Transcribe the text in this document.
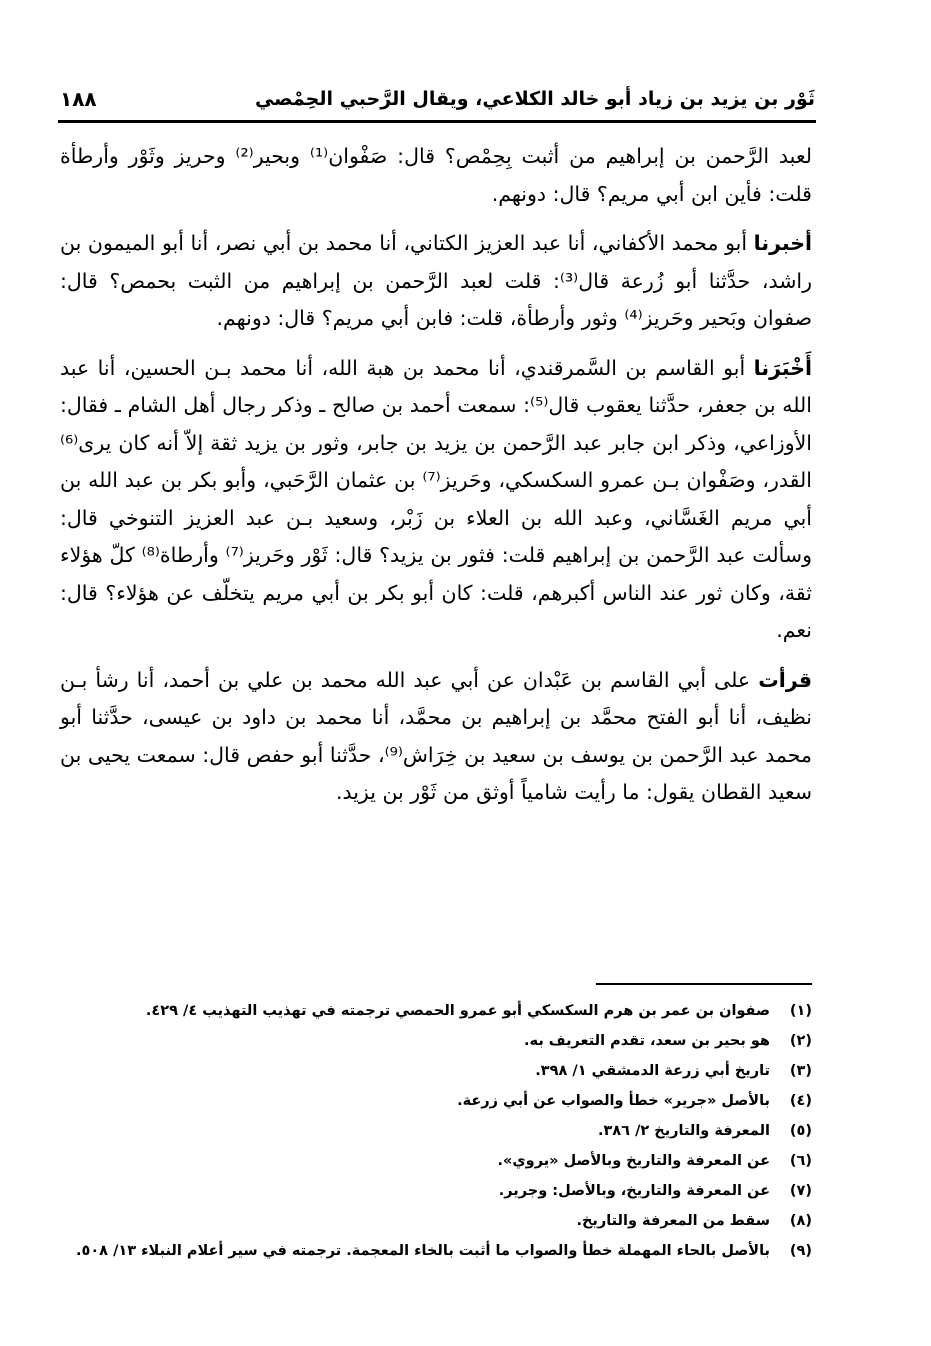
ثَوْر بن يزيد بن زياد أبو خالد الكلاعي، ويقال الرَّحبي الحِمْصي
١٨٨

لعبد الرَّحمن بن إبراهيم من أثبت بِحِمْص؟ قال: صَفْوان⁽¹⁾ وبحير⁽²⁾ وحريز وثَوْر وأرطأة قلت: فأين ابن أبي مريم؟ قال: دونهم.

أخبرنا أبو محمد الأكفاني، أنا عبد العزيز الكتاني، أنا محمد بن أبي نصر، أنا أبو الميمون بن راشد، حدَّثنا أبو زُرعة قال⁽³⁾: قلت لعبد الرَّحمن بن إبراهيم من الثبت بحمص؟ قال: صفوان وبَحير وحَريز⁽⁴⁾ وثور وأرطأة، قلت: فابن أبي مريم؟ قال: دونهم.

أَخْبَرَنا أبو القاسم بن السَّمرقندي، أنا محمد بن هبة الله، أنا محمد بـن الحسين، أنا عبد الله بن جعفر، حدَّثنا يعقوب قال⁽⁵⁾: سمعت أحمد بن صالح ـ وذكر رجال أهل الشام ـ فقال: الأوزاعي، وذكر ابن جابر عبد الرَّحمن بن يزيد بن جابر، وثور بن يزيد ثقة إلاّ أنه كان يرى⁽⁶⁾ القدر، وصَفْوان بـن عمرو السكسكي، وحَريز⁽⁷⁾ بن عثمان الرَّحَبي، وأبو بكر بن عبد الله بن أبي مريم الغَسَّاني، وعبد الله بن العلاء بن زَبْر، وسعيد بـن عبد العزيز التنوخي قال: وسألت عبد الرَّحمن بن إبراهيم قلت: فثور بن يزيد؟ قال: ثَوْر وحَريز⁽⁷⁾ وأرطاة⁽⁸⁾ كلّ هؤلاء ثقة، وكان ثور عند الناس أكبرهم، قلت: كان أبو بكر بن أبي مريم يتخلّف عن هؤلاء؟ قال: نعم.

قرأت على أبي القاسم بن عَبْدان عن أبي عبد الله محمد بن علي بن أحمد، أنا رشأ بـن نظيف، أنا أبو الفتح محمَّد بن إبراهيم بن محمَّد، أنا محمد بن داود بن عيسى، حدَّثنا أبو محمد عبد الرَّحمن بن يوسف بن سعيد بن خِرَاش⁽⁹⁾، حدَّثنا أبو حفص قال: سمعت يحيى بن سعيد القطان يقول: ما رأيت شامياً أوثق من ثَوْر بن يزيد.

(١)صفوان بن عمر بن هرم السكسكي أبو عمرو الحمصي ترجمته في تهذيب التهذيب ٤/ ٤٢٩.
(٢)هو بحير بن سعد، تقدم التعريف به.
(٣)تاريخ أبي زرعة الدمشقي ١/ ٣٩٨.
(٤)بالأصل «جرير» خطأ والصواب عن أبي زرعة.
(٥)المعرفة والتاريخ ٢/ ٣٨٦.
(٦)عن المعرفة والتاريخ وبالأصل «يروي».
(٧)عن المعرفة والتاريخ، وبالأصل: وجرير.
(٨)سقط من المعرفة والتاريخ.
(٩)بالأصل بالحاء المهملة خطأ والصواب ما أثبت بالخاء المعجمة. ترجمته في سير أعلام النبلاء ١٣/ ٥٠٨.
